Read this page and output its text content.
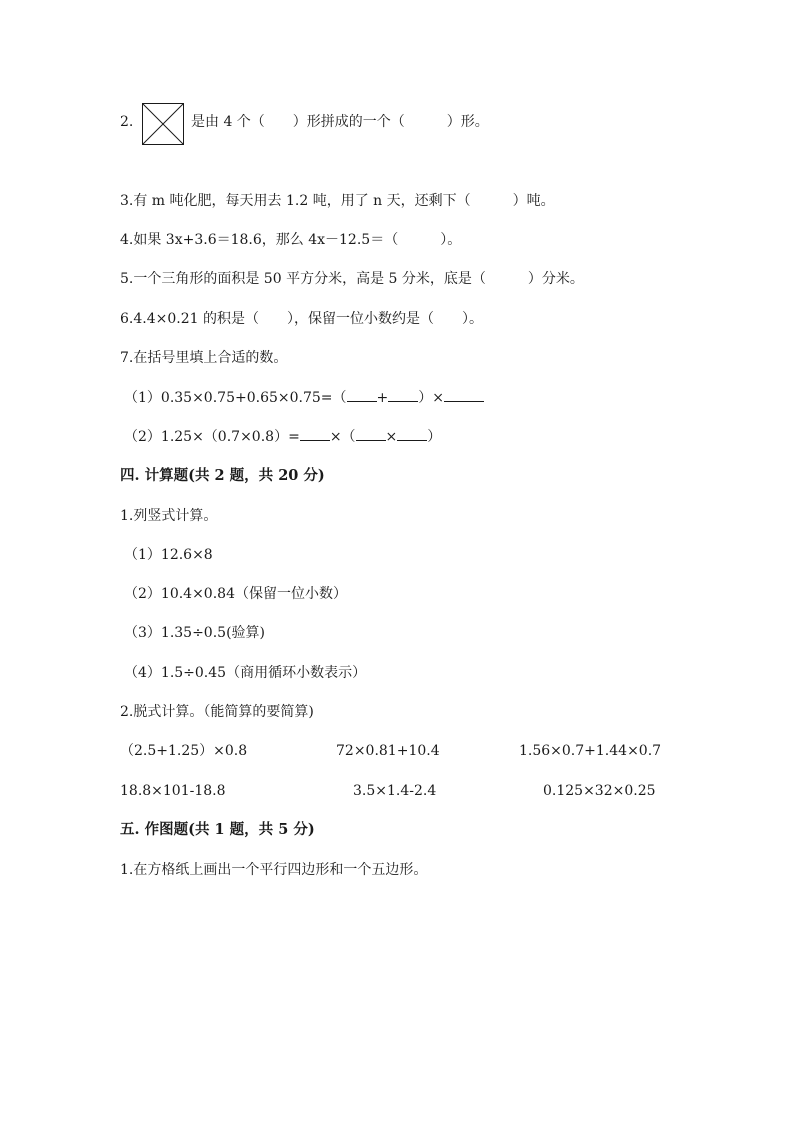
2.	是由 4 个（　　）形拼成的一个（　　　）形。
3.有 m 吨化肥，每天用去 1.2 吨，用了 n 天，还剩下（　　　）吨。
4.如果 3x+3.6＝18.6，那么 4x－12.5＝（　　　）。
5.一个三角形的面积是 50 平方分米，高是 5 分米，底是（　　　）分米。
6.4.4×0.21 的积是（　　），保留一位小数约是（　　）。
7.在括号里填上合适的数。
（1）0.35×0.75+0.65×0.75=（ + ）×
（2）1.25×（0.7×0.8）= ×（ × ）
四. 计算题(共 2 题，共 20 分)
1.列竖式计算。
（1）12.6×8
（2）10.4×0.84（保留一位小数）
（3）1.35÷0.5(验算)
（4）1.5÷0.45（商用循环小数表示）
2.脱式计算。（能简算的要简算)
（2.5+1.25）×0.8	72×0.81+10.4	1.56×0.7+1.44×0.7
18.8×101-18.8	3.5×1.4-2.4	0.125×32×0.25
五. 作图题(共 1 题，共 5 分)
1.在方格纸上画出一个平行四边形和一个五边形。
